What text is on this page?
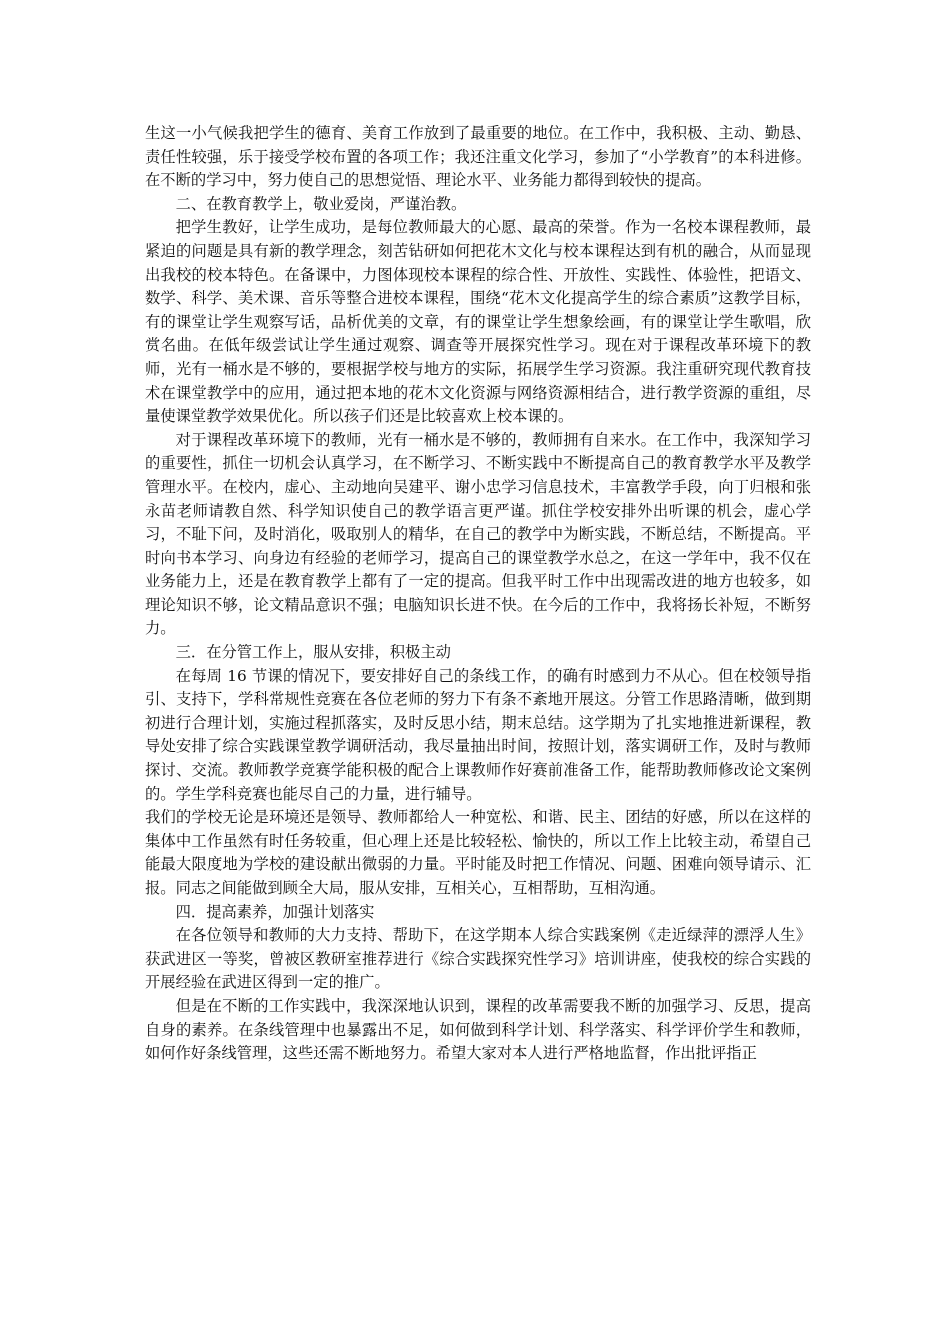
生这一小气候我把学生的德育、美育工作放到了最重要的地位。在工作中，我积极、主动、勤恳、责任性较强，乐于接受学校布置的各项工作；我还注重文化学习，参加了“小学教育”的本科进修。在不断的学习中，努力使自己的思想觉悟、理论水平、业务能力都得到较快的提高。

二、在教育教学上，敬业爱岗，严谨治教。

把学生教好，让学生成功，是每位教师最大的心愿、最高的荣誉。作为一名校本课程教师，最紧迫的问题是具有新的教学理念，刻苦钻研如何把花木文化与校本课程达到有机的融合，从而显现出我校的校本特色。在备课中，力图体现校本课程的综合性、开放性、实践性、体验性，把语文、数学、科学、美术课、音乐等整合进校本课程，围绕“花木文化提高学生的综合素质”这教学目标，有的课堂让学生观察写话，品析优美的文章，有的课堂让学生想象绘画，有的课堂让学生歌唱，欣赏名曲。在低年级尝试让学生通过观察、调查等开展探究性学习。现在对于课程改革环境下的教师，光有一桶水是不够的，要根据学校与地方的实际，拓展学生学习资源。我注重研究现代教育技术在课堂教学中的应用，通过把本地的花木文化资源与网络资源相结合，进行教学资源的重组，尽量使课堂教学效果优化。所以孩子们还是比较喜欢上校本课的。

对于课程改革环境下的教师，光有一桶水是不够的，教师拥有自来水。在工作中，我深知学习的重要性，抓住一切机会认真学习，在不断学习、不断实践中不断提高自己的教育教学水平及教学管理水平。在校内，虚心、主动地向吴建平、谢小忠学习信息技术，丰富教学手段，向丁归根和张永苗老师请教自然、科学知识使自己的教学语言更严谨。抓住学校安排外出听课的机会，虚心学习，不耻下问，及时消化，吸取别人的精华，在自己的教学中为断实践，不断总结，不断提高。平时向书本学习、向身边有经验的老师学习，提高自己的课堂教学水总之，在这一学年中，我不仅在业务能力上，还是在教育教学上都有了一定的提高。但我平时工作中出现需改进的地方也较多，如理论知识不够，论文精品意识不强；电脑知识长进不快。在今后的工作中，我将扬长补短，不断努力。

三．在分管工作上，服从安排，积极主动

在每周 16 节课的情况下，要安排好自己的条线工作，的确有时感到力不从心。但在校领导指引、支持下，学科常规性竞赛在各位老师的努力下有条不紊地开展这。分管工作思路清晰，做到期初进行合理计划，实施过程抓落实，及时反思小结，期末总结。这学期为了扎实地推进新课程，教导处安排了综合实践课堂教学调研活动，我尽量抽出时间，按照计划，落实调研工作，及时与教师探讨、交流。教师教学竞赛学能积极的配合上课教师作好赛前准备工作，能帮助教师修改论文案例的。学生学科竞赛也能尽自己的力量，进行辅导。

我们的学校无论是环境还是领导、教师都给人一种宽松、和谐、民主、团结的好感，所以在这样的集体中工作虽然有时任务较重，但心理上还是比较轻松、愉快的，所以工作上比较主动，希望自己能最大限度地为学校的建设献出微弱的力量。平时能及时把工作情况、问题、困难向领导请示、汇报。同志之间能做到顾全大局，服从安排，互相关心，互相帮助，互相沟通。

四．提高素养，加强计划落实

在各位领导和教师的大力支持、帮助下，在这学期本人综合实践案例《走近绿萍的漂浮人生》获武进区一等奖，曾被区教研室推荐进行《综合实践探究性学习》培训讲座，使我校的综合实践的开展经验在武进区得到一定的推广。

但是在不断的工作实践中，我深深地认识到，课程的改革需要我不断的加强学习、反思，提高自身的素养。在条线管理中也暴露出不足，如何做到科学计划、科学落实、科学评价学生和教师，如何作好条线管理，这些还需不断地努力。希望大家对本人进行严格地监督，作出批评指正
